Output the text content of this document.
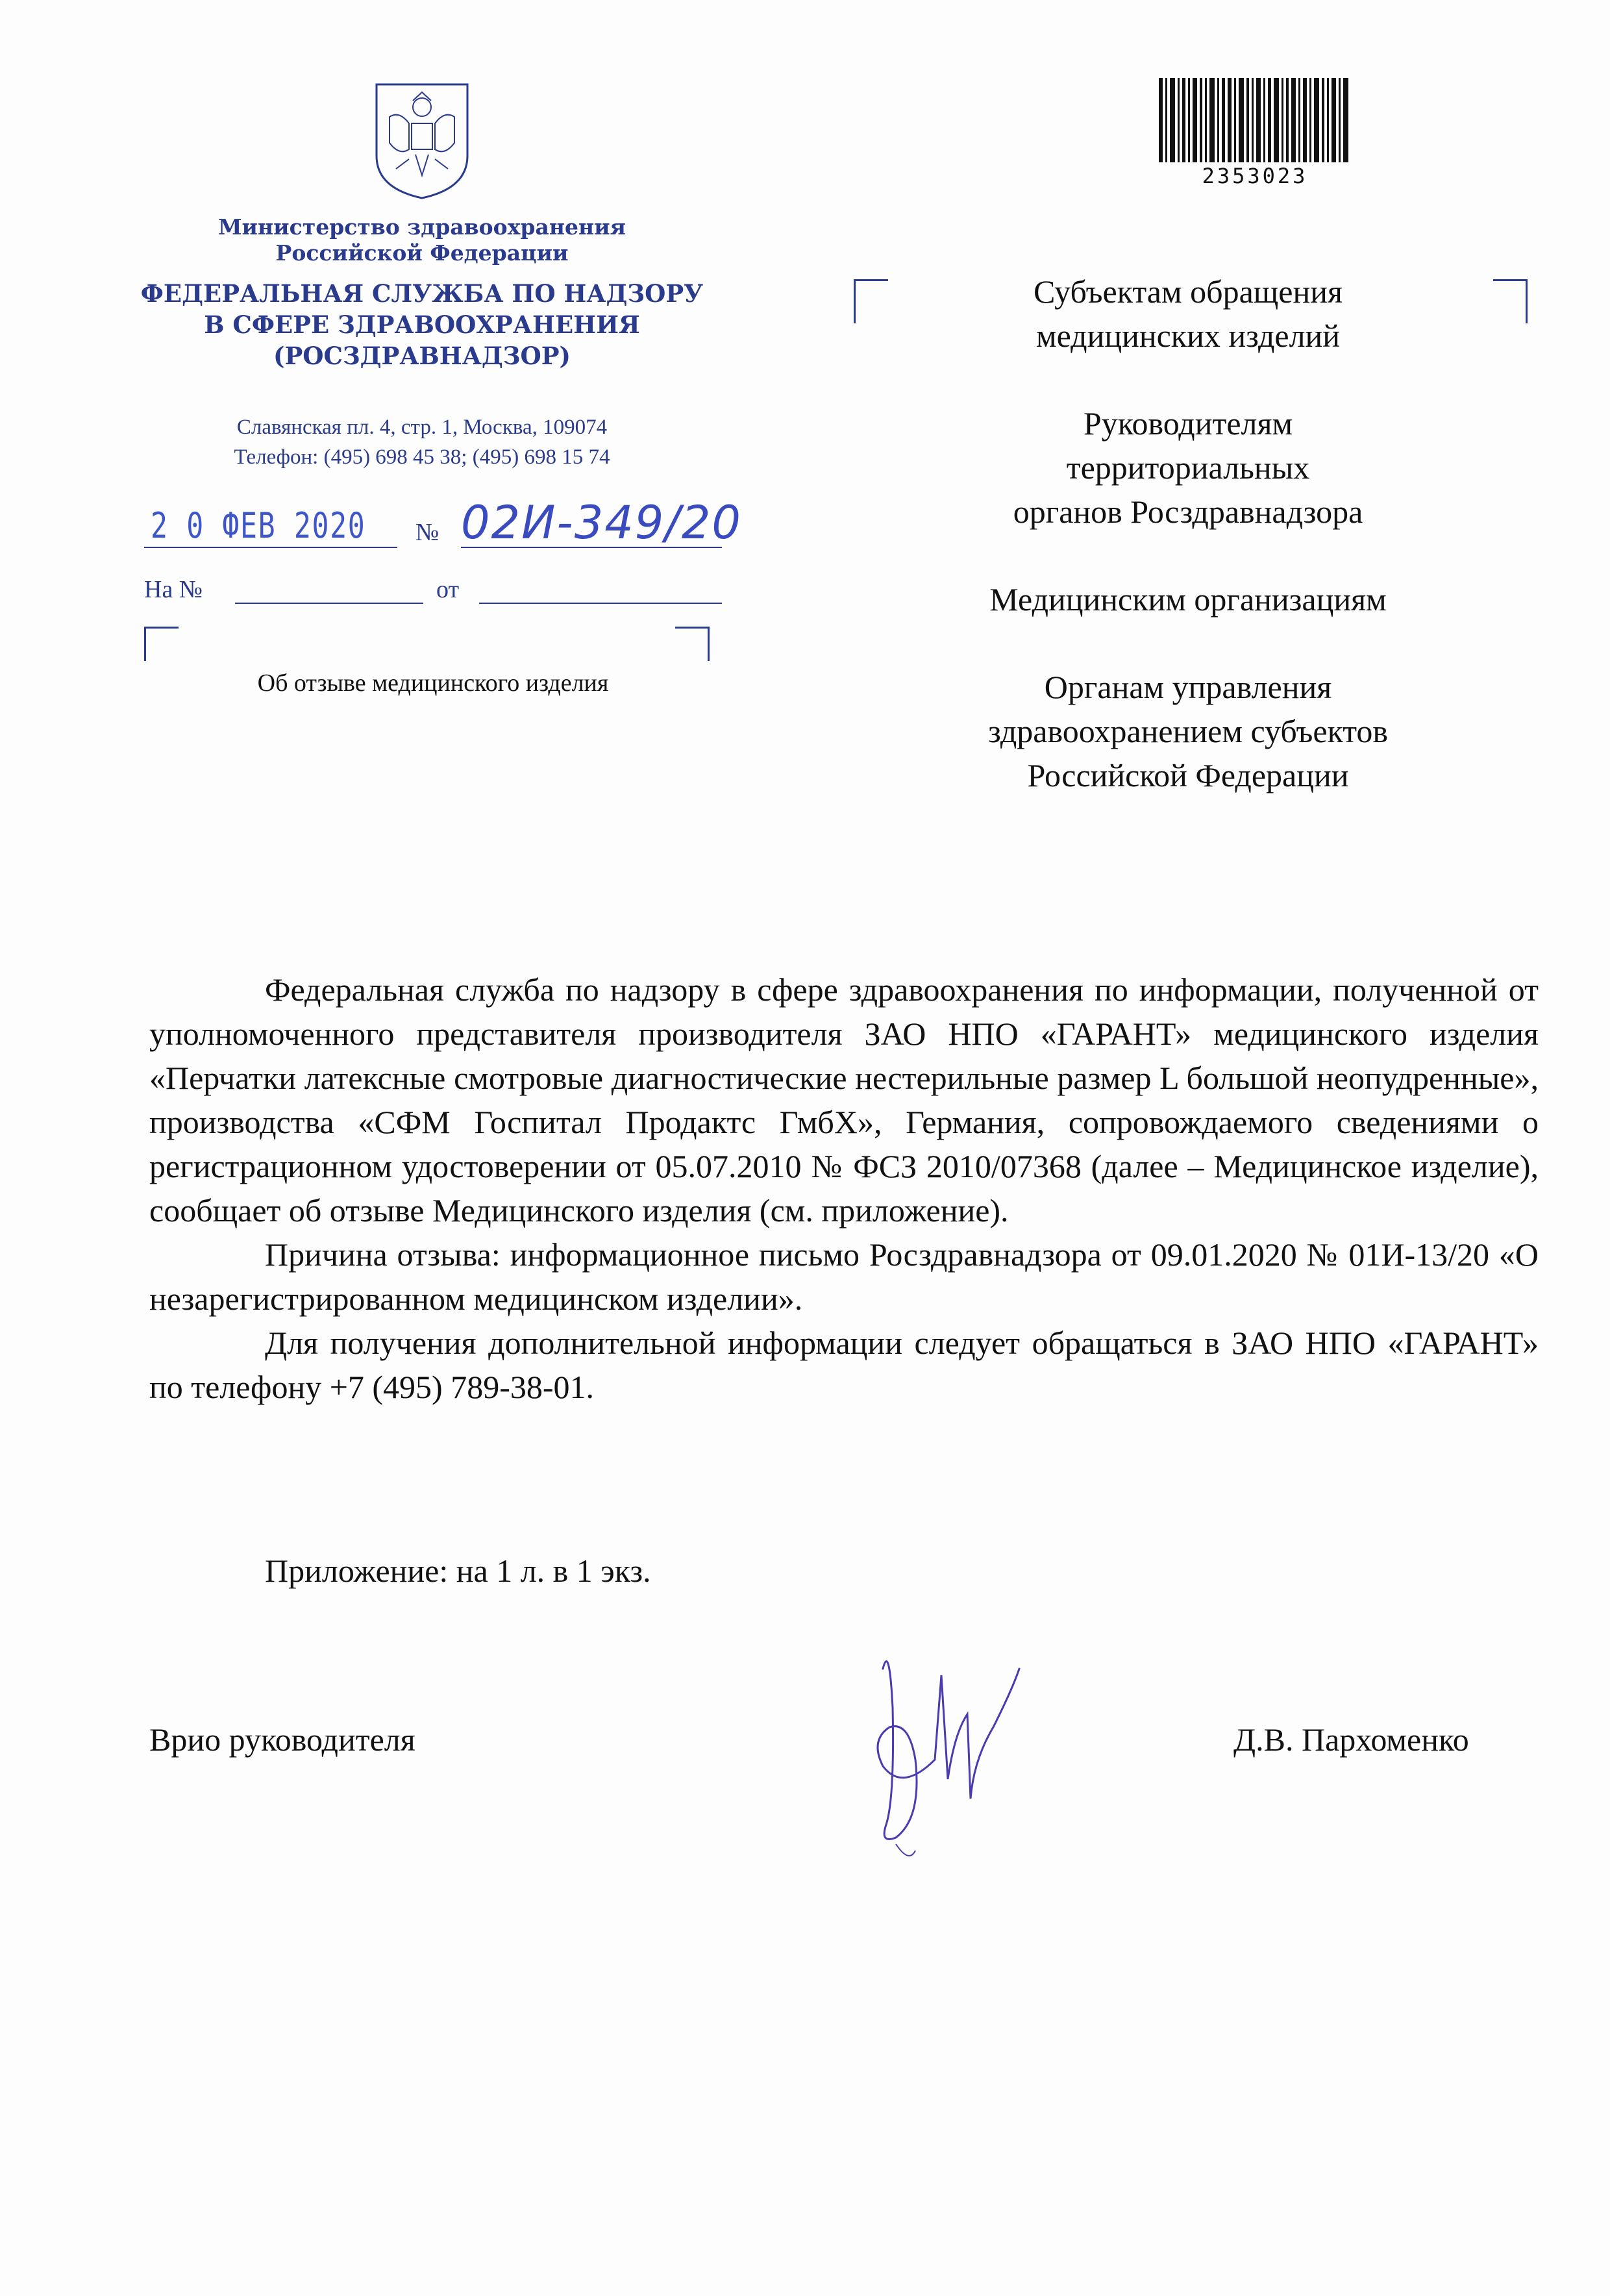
Министерство здравоохранения
Российской Федерации
ФЕДЕРАЛЬНАЯ СЛУЖБА ПО НАДЗОРУ
В СФЕРЕ ЗДРАВООХРАНЕНИЯ
(РОСЗДРАВНАДЗОР)
Славянская пл. 4, стр. 1, Москва, 109074
Телефон: (495) 698 45 38; (495) 698 15 74
2 0 ФЕВ 2020 № 02И-349/20
На №	от
Об отзыве медицинского изделия
2353023
Субъектам обращения
медицинских изделий
Руководителям
территориальных
органов Росздравнадзора
Медицинским организациям
Органам управления
здравоохранением субъектов
Российской Федерации

Федеральная служба по надзору в сфере здравоохранения по информации, полученной от уполномоченного представителя производителя ЗАО НПО «ГАРАНТ» медицинского изделия «Перчатки латексные смотровые диагностические нестерильные размер L большой неопудренные», производства «СФМ Госпитал Продактс ГмбХ», Германия, сопровождаемого сведениями о регистрационном удостоверении от 05.07.2010 № ФСЗ 2010/07368 (далее – Медицинское изделие), сообщает об отзыве Медицинского изделия (см. приложение).

Причина отзыва: информационное письмо Росздравнадзора от 09.01.2020 № 01И-13/20 «О незарегистрированном медицинском изделии».

Для получения дополнительной информации следует обращаться в ЗАО НПО «ГАРАНТ» по телефону +7 (495) 789-38-01.

Приложение: на 1 л. в 1 экз.
Врио руководителя	Д.В. Пархоменко
